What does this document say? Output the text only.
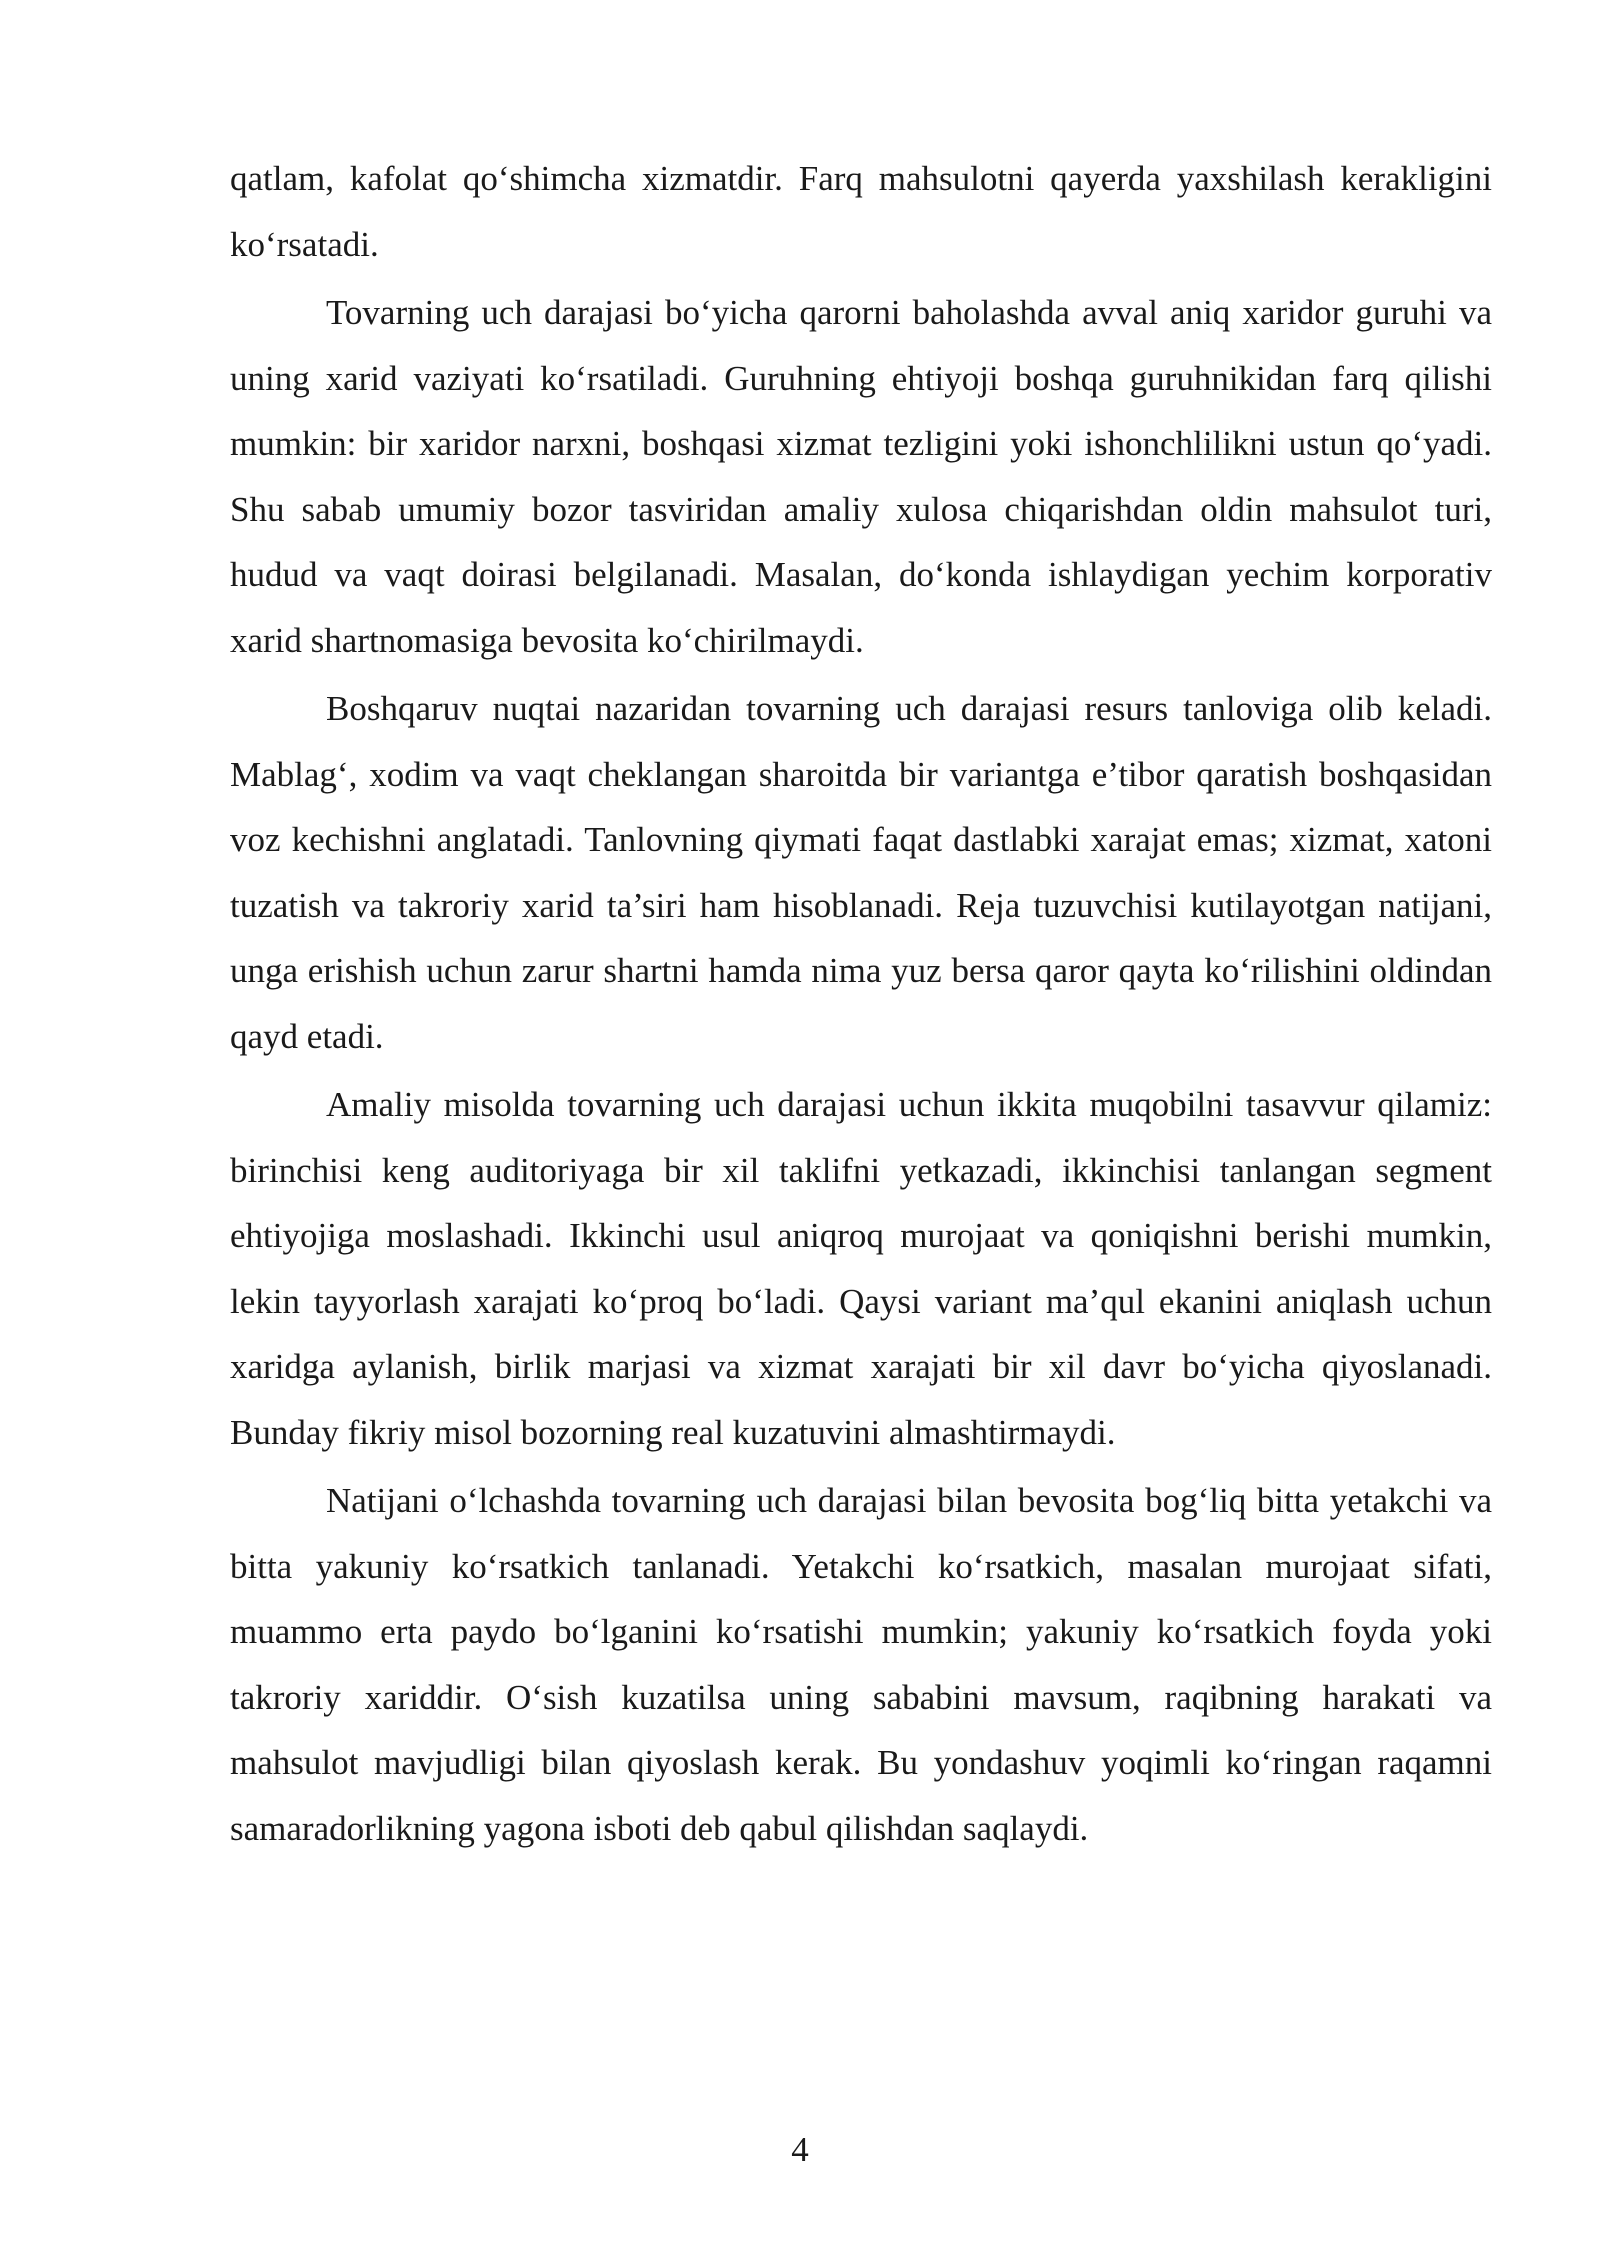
qatlam, kafolat qo‘shimcha xizmatdir. Farq mahsulotni qayerda yaxshilash kerakligini ko‘rsatadi.

Tovarning uch darajasi bo‘yicha qarorni baholashda avval aniq xaridor guruhi va uning xarid vaziyati ko‘rsatiladi. Guruhning ehtiyoji boshqa guruhnikidan farq qilishi mumkin: bir xaridor narxni, boshqasi xizmat tezligini yoki ishonchlilikni ustun qo‘yadi. Shu sabab umumiy bozor tasviridan amaliy xulosa chiqarishdan oldin mahsulot turi, hudud va vaqt doirasi belgilanadi. Masalan, do‘konda ishlaydigan yechim korporativ xarid shartnomasiga bevosita ko‘chirilmaydi.

Boshqaruv nuqtai nazaridan tovarning uch darajasi resurs tanloviga olib keladi. Mablag‘, xodim va vaqt cheklangan sharoitda bir variantga e’tibor qaratish boshqasidan voz kechishni anglatadi. Tanlovning qiymati faqat dastlabki xarajat emas; xizmat, xatoni tuzatish va takroriy xarid ta’siri ham hisoblanadi. Reja tuzuvchisi kutilayotgan natijani, unga erishish uchun zarur shartni hamda nima yuz bersa qaror qayta ko‘rilishini oldindan qayd etadi.

Amaliy misolda tovarning uch darajasi uchun ikkita muqobilni tasavvur qilamiz: birinchisi keng auditoriyaga bir xil taklifni yetkazadi, ikkinchisi tanlangan segment ehtiyojiga moslashadi. Ikkinchi usul aniqroq murojaat va qoniqishni berishi mumkin, lekin tayyorlash xarajati ko‘proq bo‘ladi. Qaysi variant ma’qul ekanini aniqlash uchun xaridga aylanish, birlik marjasi va xizmat xarajati bir xil davr bo‘yicha qiyoslanadi. Bunday fikriy misol bozorning real kuzatuvini almashtirmaydi.

Natijani o‘lchashda tovarning uch darajasi bilan bevosita bog‘liq bitta yetakchi va bitta yakuniy ko‘rsatkich tanlanadi. Yetakchi ko‘rsatkich, masalan murojaat sifati, muammo erta paydo bo‘lganini ko‘rsatishi mumkin; yakuniy ko‘rsatkich foyda yoki takroriy xariddir. O‘sish kuzatilsa uning sababini mavsum, raqibning harakati va mahsulot mavjudligi bilan qiyoslash kerak. Bu yondashuv yoqimli ko‘ringan raqamni samaradorlikning yagona isboti deb qabul qilishdan saqlaydi.

4
